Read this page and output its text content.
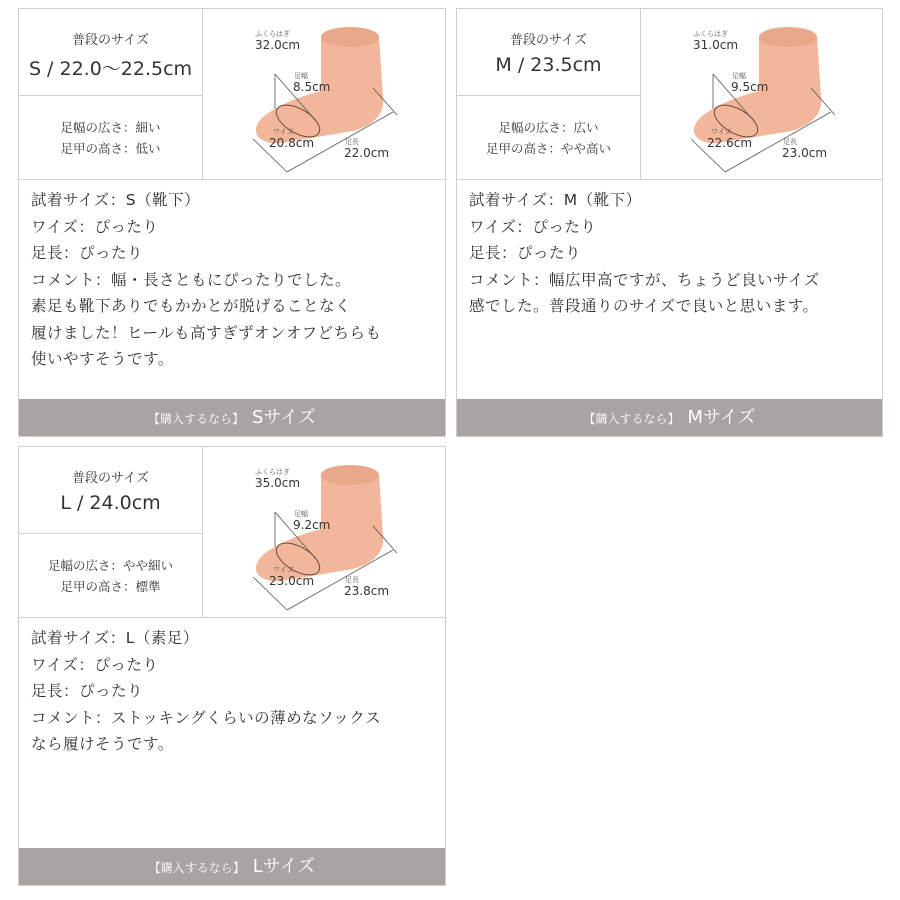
普段のサイズ
S / 22.0〜22.5cm
足幅の広さ：細い
足甲の高さ：低い
ふくらはぎ
32.0cm
足幅
8.5cm
ワイズ
20.8cm	足長
22.0cm
試着サイズ：S（靴下）
ワイズ：ぴったり
足長：ぴったり
コメント：幅・長さともにぴったりでした。
素足も靴下ありでもかかとが脱げることなく
履けました！ヒールも高すぎずオンオフどちらも
使いやすそうです。
【購入するなら】 Sサイズ
普段のサイズ
M / 23.5cm
足幅の広さ：広い
足甲の高さ：やや高い
ふくらはぎ
31.0cm
足幅
9.5cm
ワイズ
22.6cm	足長
23.0cm
試着サイズ：M（靴下）
ワイズ：ぴったり
足長：ぴったり
コメント：幅広甲高ですが、ちょうど良いサイズ
感でした。普段通りのサイズで良いと思います。
【購入するなら】 Mサイズ
普段のサイズ
L / 24.0cm
足幅の広さ：やや細い
足甲の高さ：標準
ふくらはぎ
35.0cm
足幅
9.2cm
ワイズ
23.0cm	足長
23.8cm
試着サイズ：L（素足）
ワイズ：ぴったり
足長：ぴったり
コメント：ストッキングくらいの薄めなソックス
なら履けそうです。
【購入するなら】 Lサイズ
